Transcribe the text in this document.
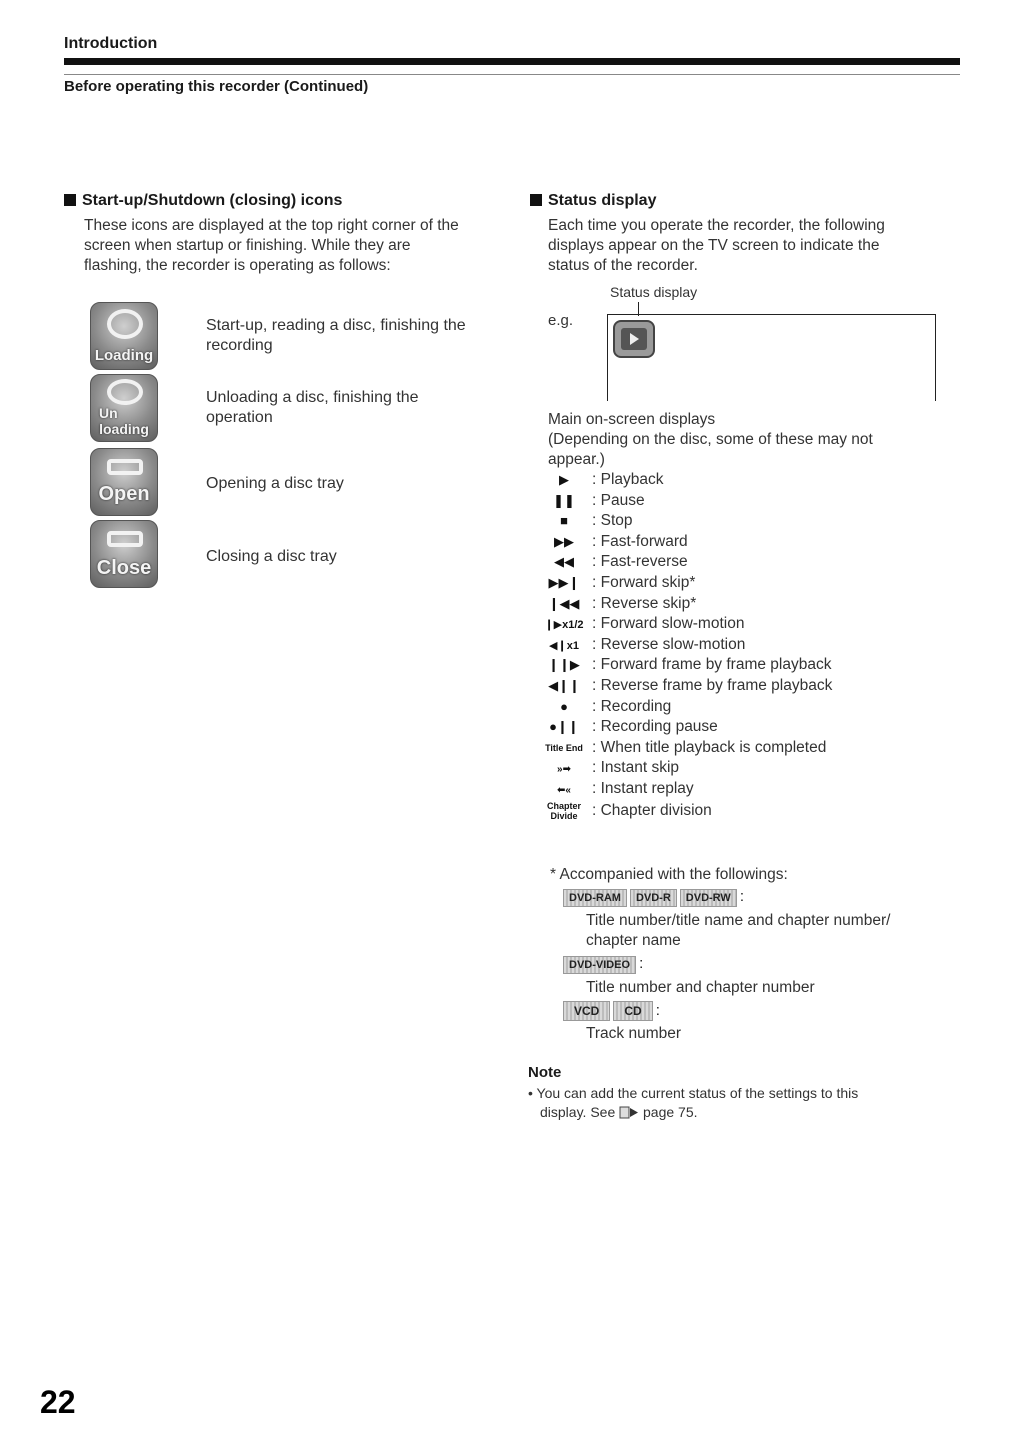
Introduction
Before operating this recorder (Continued)
Start-up/Shutdown (closing) icons
These icons are displayed at the top right corner of the
screen when startup or finishing. While they are
flashing, the recorder is operating as follows:
Loading
Start-up, reading a disc, finishing the
recording
Un
loading
Unloading a disc, finishing the
operation
Open	Opening a disc tray
Close
Closing a disc tray
Status display
Each time you operate the recorder, the following
displays appear on the TV screen to indicate the
status of the recorder.
Status display
e.g.
Main on-screen displays
(Depending on the disc, some of these may not
appear.)
▶ : Playback
❚❚ : Pause
■ : Stop
▶▶ : Fast-forward
◀◀ : Fast-reverse
▶▶❙ : Forward skip*
❙◀◀ : Reverse skip*
❙▶x1/2 : Forward slow-motion
◀❙x1 : Reverse slow-motion
❙❙▶ : Forward frame by frame playback
◀❙❙ : Reverse frame by frame playback
● : Recording
●❙❙ : Recording pause
Title End : When title playback is completed
»➡ : Instant skip
⬅« : Instant replay
Chapter Divide : Chapter division
* Accompanied with the followings:
DVD-RAM DVD-R DVD-RW :
Title number/title name and chapter number/
chapter name
DVD-VIDEO :
Title number and chapter number
VCD CD :
Track number
Note
• You can add the current status of the settings to this
display. See page 75.
22
